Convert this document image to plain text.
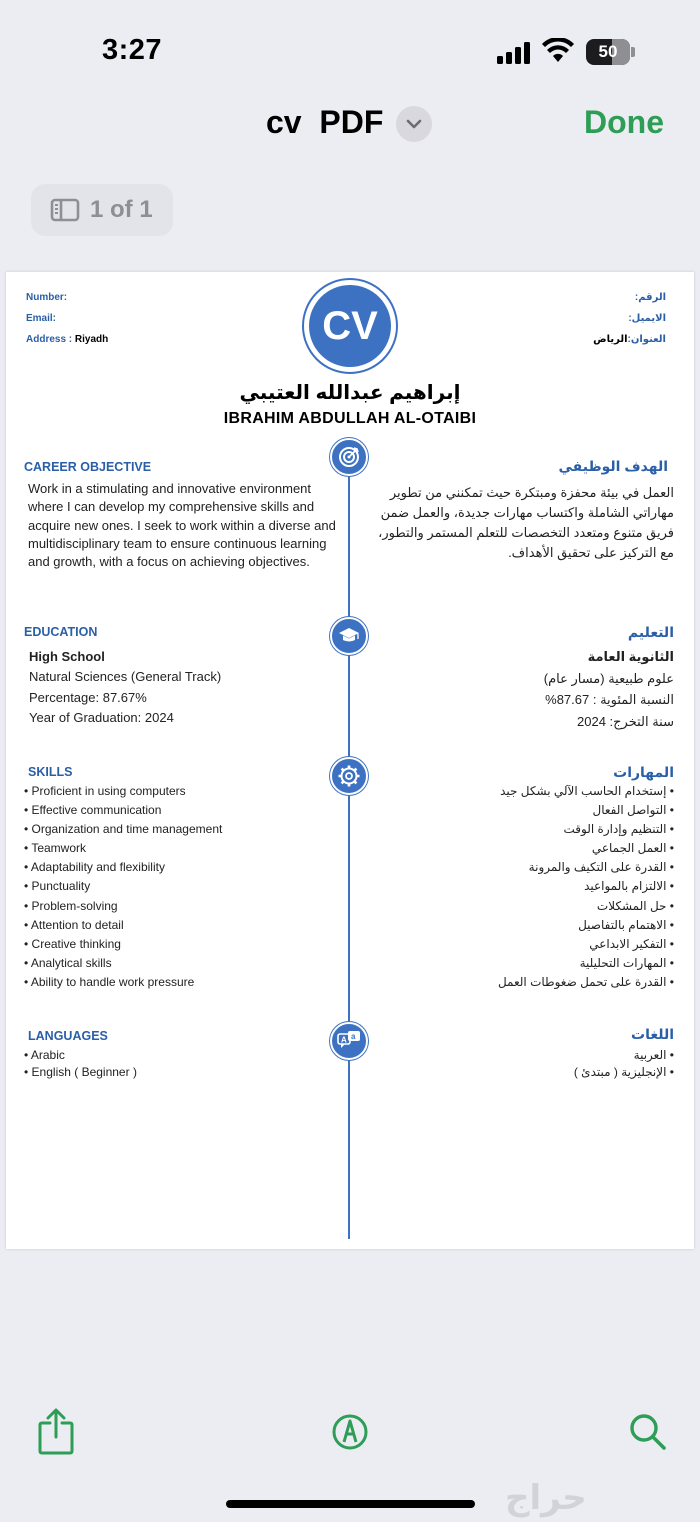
3:27	50
cv  PDF	Done
1 of 1
Number:
Email:
Address : Riyadh
الرقم:
الايميل:
العنوان:الرياض
CV
إبراهيم عبدالله العتيبي
IBRAHIM ABDULLAH AL-OTAIBI
CAREER OBJECTIVE	الهدف الوظيفي
Work in a stimulating and innovative environment where I can develop my comprehensive skills and acquire new ones. I seek to work within a diverse and multidisciplinary team to ensure continuous learning and growth, with a focus on achieving objectives.
العمل في بيئة محفزة ومبتكرة حيث تمكنني من تطوير مهاراتي الشاملة واكتساب مهارات جديدة، والعمل ضمن فريق متنوع ومتعدد التخصصات للتعلم المستمر والتطور، مع التركيز على تحقيق الأهداف.
EDUCATION	التعليم
High School
Natural Sciences (General Track)
Percentage: 87.67%
Year of Graduation: 2024
الثانوية العامة
علوم طبيعية (مسار عام)
النسبة المئوية : 87.67%
سنة التخرج: 2024
SKILLS	المهارات
• Proficient in using computers
• Effective communication
• Organization and time management
• Teamwork
• Adaptability and flexibility
• Punctuality
• Problem-solving
• Attention to detail
• Creative thinking
• Analytical skills
• Ability to handle work pressure
• إستخدام الحاسب الآلي بشكل جيد
• التواصل الفعال
• التنظيم وإدارة الوقت
• العمل الجماعي
• القدرة على التكيف والمرونة
• الالتزام بالمواعيد
• حل المشكلات
• الاهتمام بالتفاصيل
• التفكير الابداعي
• المهارات التحليلية
• القدرة على تحمل ضغوطات العمل
A a
LANGUAGES	اللغات
• Arabic
• English ( Beginner )
• العربية
• الإنجليزية ( مبتدئ )
حراج
